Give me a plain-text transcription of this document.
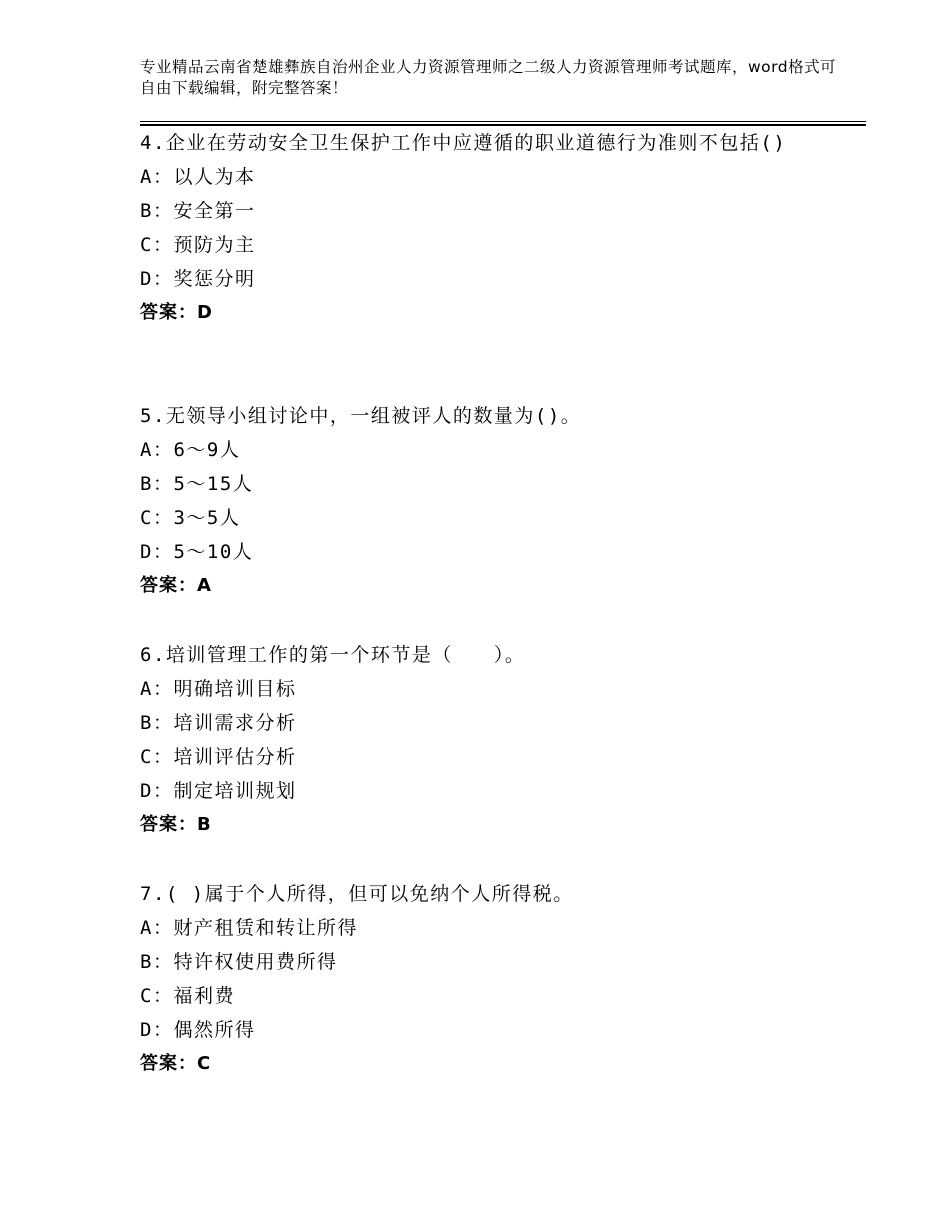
专业精品云南省楚雄彝族自治州企业人力资源管理师之二级人力资源管理师考试题库，word格式可自由下载编辑，附完整答案！
4.企业在劳动安全卫生保护工作中应遵循的职业道德行为准则不包括()
A：以人为本
B：安全第一
C：预防为主
D：奖惩分明
答案：D
5.无领导小组讨论中，一组被评人的数量为()。
A：6～9人
B：5～15人
C：3～5人
D：5～10人
答案：A
6.培训管理工作的第一个环节是（　　）。
A：明确培训目标
B：培训需求分析
C：培训评估分析
D：制定培训规划
答案：B
7.( )属于个人所得，但可以免纳个人所得税。
A：财产租赁和转让所得
B：特许权使用费所得
C：福利费
D：偶然所得
答案：C
